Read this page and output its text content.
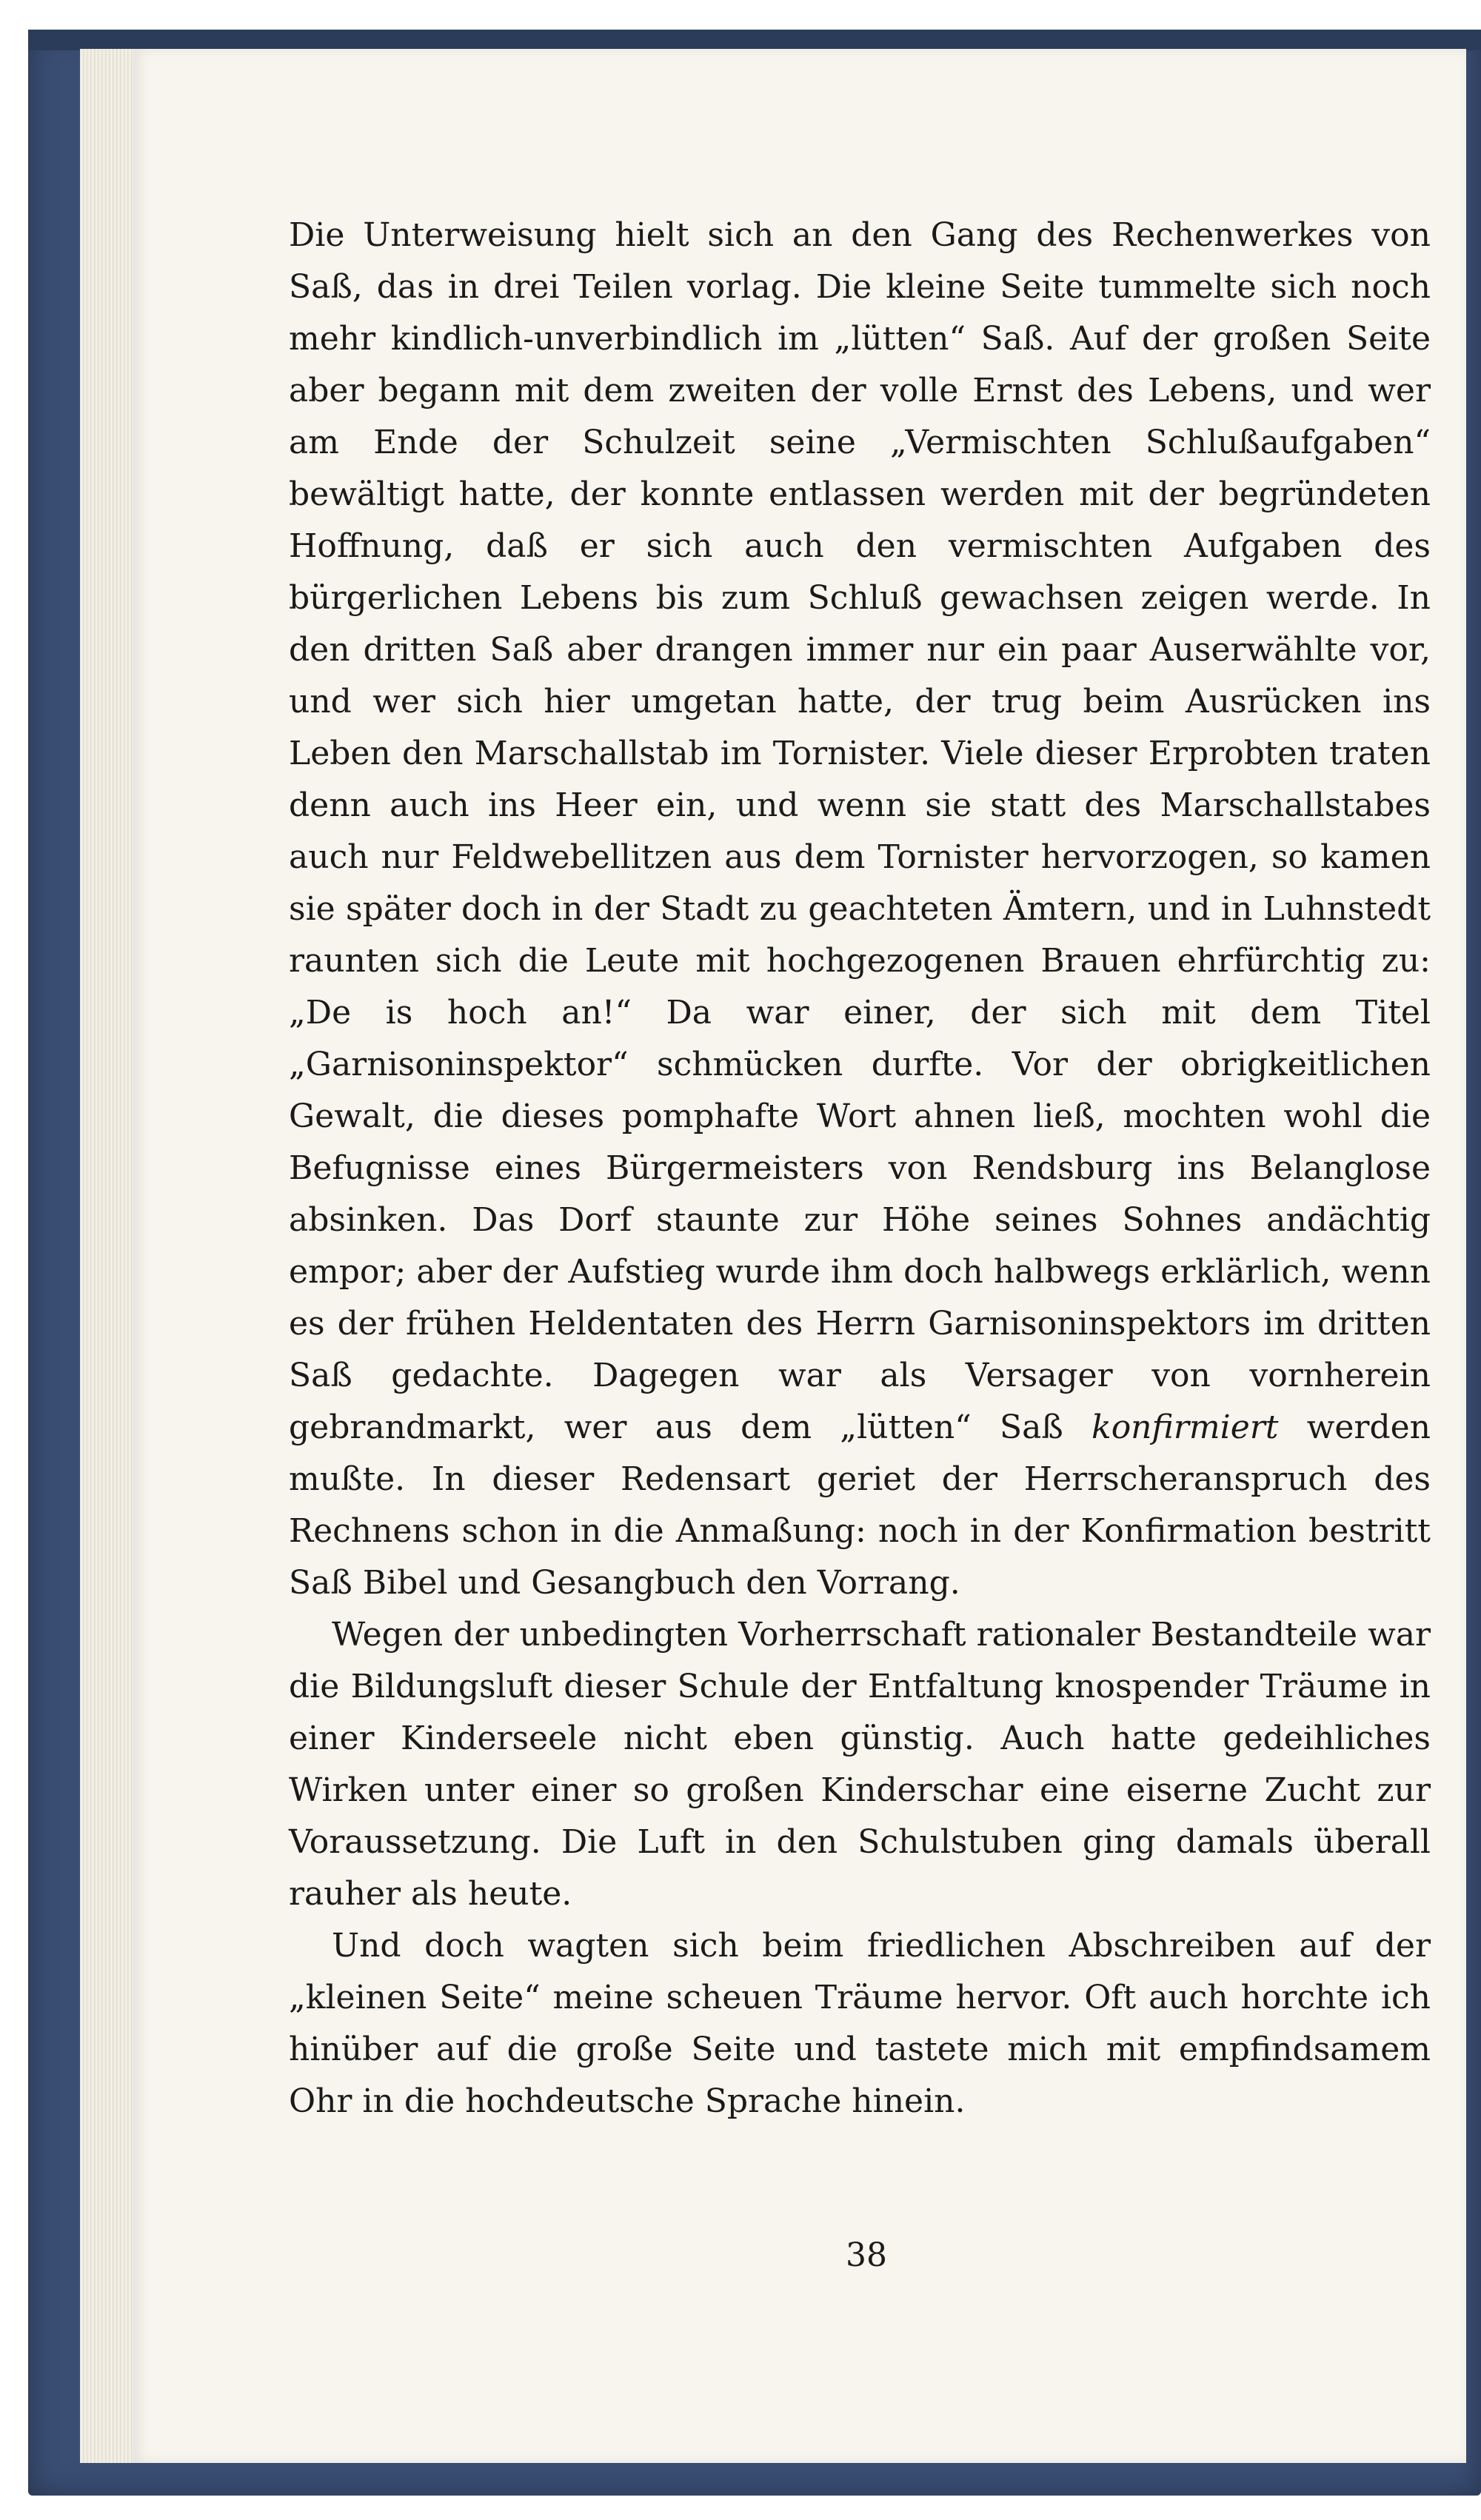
Die Unterweisung hielt sich an den Gang des Rechenwerkes von Saß, das in drei Teilen vorlag. Die kleine Seite tummelte sich noch mehr kindlich-unverbindlich im „lütten“ Saß. Auf der großen Seite aber begann mit dem zweiten der volle Ernst des Lebens, und wer am Ende der Schulzeit seine „Vermischten Schlußaufgaben“ bewältigt hatte, der konnte entlassen werden mit der begründeten Hoffnung, daß er sich auch den vermischten Aufgaben des bürgerlichen Lebens bis zum Schluß gewachsen zeigen werde. In den dritten Saß aber drangen immer nur ein paar Auserwählte vor, und wer sich hier umgetan hatte, der trug beim Ausrücken ins Leben den Marschallstab im Tornister. Viele dieser Erprobten traten denn auch ins Heer ein, und wenn sie statt des Marschallstabes auch nur Feldwebellitzen aus dem Tornister hervorzogen, so kamen sie später doch in der Stadt zu geachteten Ämtern, und in Luhnstedt raunten sich die Leute mit hochgezogenen Brauen ehrfürchtig zu: „De is hoch an!“ Da war einer, der sich mit dem Titel „Garnisoninspektor“ schmücken durfte. Vor der obrigkeitlichen Gewalt, die dieses pomphafte Wort ahnen ließ, mochten wohl die Befugnisse eines Bürgermeisters von Rendsburg ins Belanglose absinken. Das Dorf staunte zur Höhe seines Sohnes andächtig empor; aber der Aufstieg wurde ihm doch halbwegs erklärlich, wenn es der frühen Heldentaten des Herrn Garnisoninspektors im dritten Saß gedachte. Dagegen war als Versager von vornherein gebrandmarkt, wer aus dem „lütten“ Saß konfirmiert werden mußte. In dieser Redensart geriet der Herrscheranspruch des Rechnens schon in die Anmaßung: noch in der Konfirmation bestritt Saß Bibel und Gesangbuch den Vorrang.

Wegen der unbedingten Vorherrschaft rationaler Bestandteile war die Bildungsluft dieser Schule der Entfaltung knospender Träume in einer Kinderseele nicht eben günstig. Auch hatte gedeihliches Wirken unter einer so großen Kinderschar eine eiserne Zucht zur Voraussetzung. Die Luft in den Schulstuben ging damals überall rauher als heute.

Und doch wagten sich beim friedlichen Abschreiben auf der „kleinen Seite“ meine scheuen Träume hervor. Oft auch horchte ich hinüber auf die große Seite und tastete mich mit empfindsamem Ohr in die hochdeutsche Sprache hinein.

38
